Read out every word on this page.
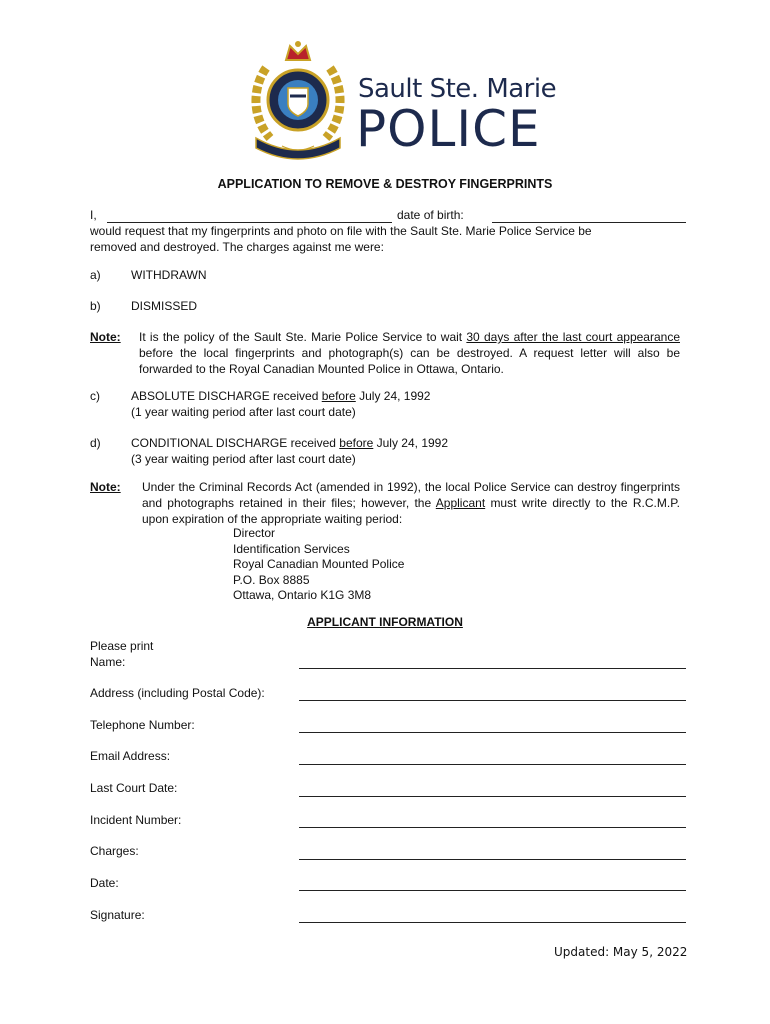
Sault Ste. Marie
POLICE
APPLICATION TO REMOVE & DESTROY FINGERPRINTS
I,	date of birth:
would request that my fingerprints and photo on file with the Sault Ste. Marie Police Service be
removed and destroyed. The charges against me were:
a)	WITHDRAWN
b)	DISMISSED
Note: It is the policy of the Sault Ste. Marie Police Service to wait 30 days after the last court appearance before the local fingerprints and photograph(s) can be destroyed. A request letter will also be forwarded to the Royal Canadian Mounted Police in Ottawa, Ontario.
c)	ABSOLUTE DISCHARGE received before July 24, 1992
(1 year waiting period after last court date)
d)	CONDITIONAL DISCHARGE received before July 24, 1992
(3 year waiting period after last court date)
Note: Under the Criminal Records Act (amended in 1992), the local Police Service can destroy fingerprints and photographs retained in their files; however, the Applicant must write directly to the R.C.M.P. upon expiration of the appropriate waiting period:
Director
Identification Services
Royal Canadian Mounted Police
P.O. Box 8885
Ottawa, Ontario K1G 3M8
APPLICANT INFORMATION
Please print
Name:
Address (including Postal Code):
Telephone Number:
Email Address:
Last Court Date:
Incident Number:
Charges:
Date:
Signature:
Updated: May 5, 2022
